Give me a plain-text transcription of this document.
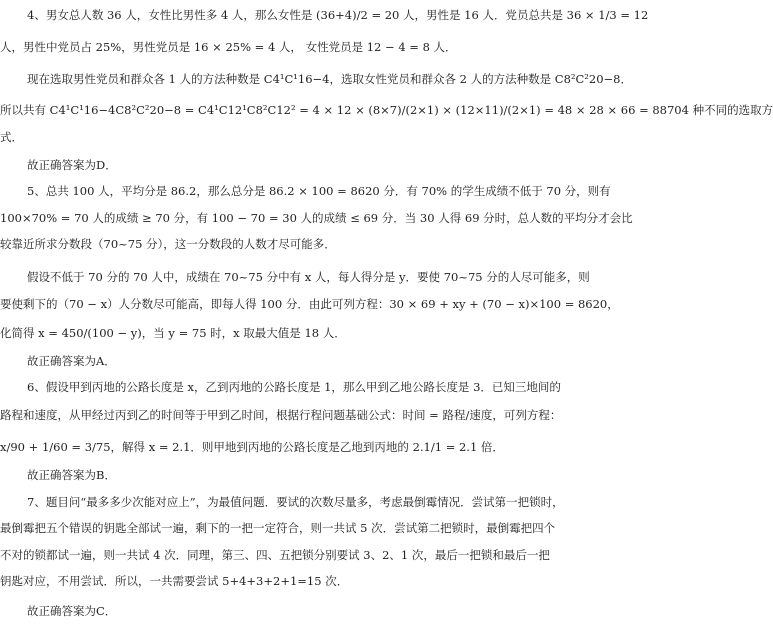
4、男女总人数 36 人，女性比男性多 4 人，那么女性是 (36+4)/2 = 20 人，男性是 16 人．党员总共是 36 × 1/3 = 12
人，男性中党员占 25%，男性党员是 16 × 25% = 4 人， 女性党员是 12 − 4 = 8 人．
现在选取男性党员和群众各 1 人的方法种数是 C4¹C¹16−4，选取女性党员和群众各 2 人的方法种数是 C8²C²20−8．
所以共有 C4¹C¹16−4C8²C²20−8 = C4¹C12¹C8²C12² = 4 × 12 × (8×7)/(2×1) × (12×11)/(2×1) = 48 × 28 × 66 = 88704 种不同的选取方
式．
故正确答案为D．
5、总共 100 人，平均分是 86.2，那么总分是 86.2 × 100 = 8620 分．有 70% 的学生成绩不低于 70 分，则有
100×70% = 70 人的成绩 ≥ 70 分，有 100 − 70 = 30 人的成绩 ≤ 69 分．当 30 人得 69 分时，总人数的平均分才会比
较靠近所求分数段（70~75 分），这一分数段的人数才尽可能多．
假设不低于 70 分的 70 人中，成绩在 70~75 分中有 x 人，每人得分是 y．要使 70~75 分的人尽可能多，则
要使剩下的（70 − x）人分数尽可能高，即每人得 100 分．由此可列方程：30 × 69 + xy + (70 − x)×100 = 8620，
化简得 x = 450/(100 − y)，当 y = 75 时，x 取最大值是 18 人．
故正确答案为A．
6、假设甲到丙地的公路长度是 x，乙到丙地的公路长度是 1，那么甲到乙地公路长度是 3．已知三地间的
路程和速度，从甲经过丙到乙的时间等于甲到乙时间，根据行程问题基础公式：时间 = 路程/速度，可列方程：
x/90 + 1/60 = 3/75，解得 x = 2.1．则甲地到丙地的公路长度是乙地到丙地的 2.1/1 = 2.1 倍．
故正确答案为B．
7、题目问“最多多少次能对应上”，为最值问题．要试的次数尽量多，考虑最倒霉情况．尝试第一把锁时，
最倒霉把五个错误的钥匙全部试一遍，剩下的一把一定符合，则一共试 5 次．尝试第二把锁时，最倒霉把四个
不对的锁都试一遍，则一共试 4 次．同理，第三、四、五把锁分别要试 3、2、1 次，最后一把锁和最后一把
钥匙对应，不用尝试．所以，一共需要尝试 5+4+3+2+1=15 次．
故正确答案为C．
